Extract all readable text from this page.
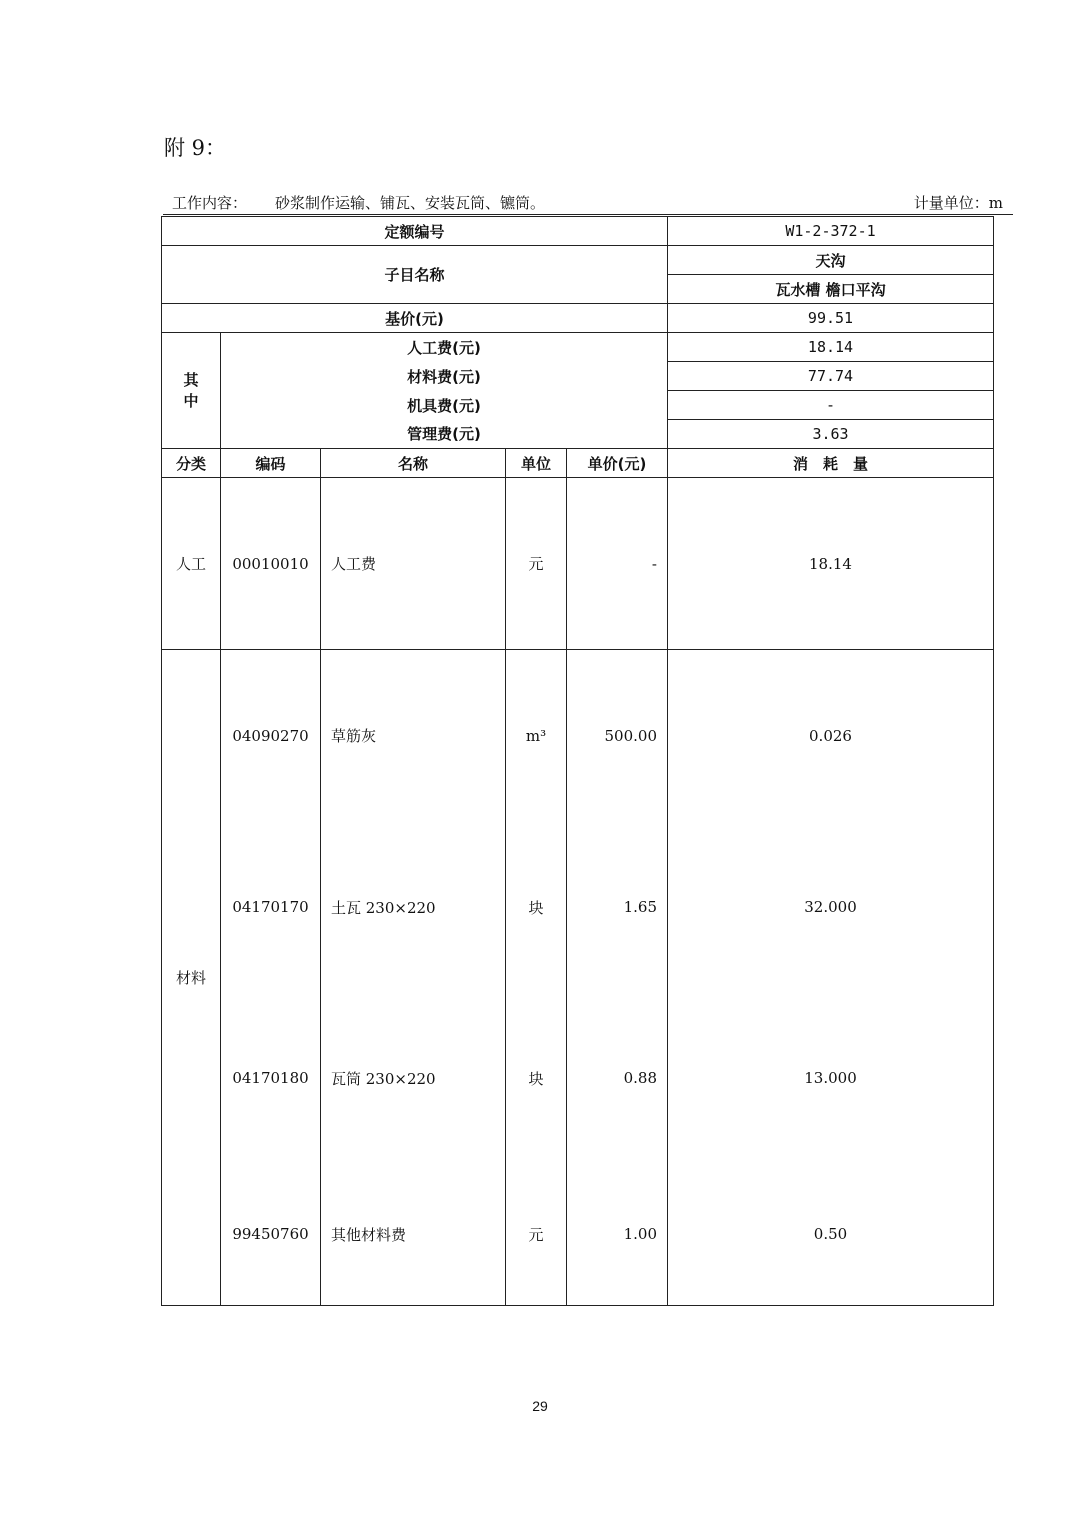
附 9：
工作内容： 砂浆制作运输、铺瓦、安装瓦筒、镳筒。	计量单位：m
定额编号					W1-2-372-1
子目名称					天沟
					瓦水槽 檐口平沟
基价(元)					99.51

其
中	人工费(元)				18.14
	材料费(元)				77.74
	机具费(元)				-
	管理费(元)				3.63
分类	编码	名称	单位	单价(元)	消　耗　量
人工	00010010	人工费	元	-	18.14
材料	04090270	草筋灰	m³	500.00	0.026
	04170170	土瓦 230×220	块	1.65	32.000
	04170180	瓦筒 230×220	块	0.88	13.000
	99450760	其他材料费	元	1.00	0.50
29
